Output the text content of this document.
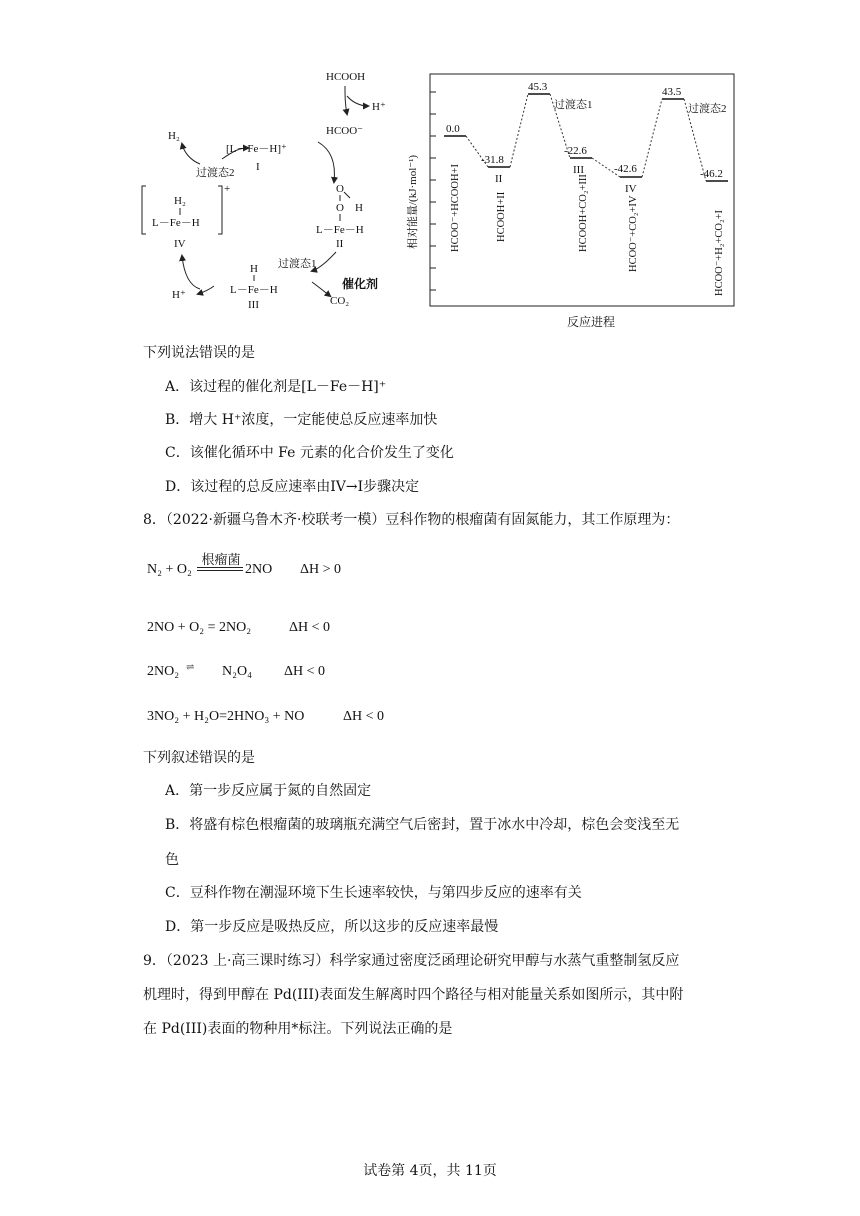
HCOOH
H⁺
HCOO⁻
H₂
过渡态2
[L－Fe－H]⁺
I
O
H
O
L－Fe－H
II
+
H₂
L－Fe－H
IV
过渡态1
H
L－Fe－H
III	CO₂
催化剂
H⁺
相对能量/(kJ·mol⁻¹)
反应进程
0.0
-31.8
45.3
-22.6
-42.6
43.5
-46.2
过渡态1	过渡态2
II
III
IV
HCOO⁻+HCOOH+I	HCOOH+II	HCOOH+CO₂+III	HCOO⁻+CO₂+IV	HCOO⁻+H₂+CO₂+I
下列说法错误的是
A．该过程的催化剂是[L－Fe－H]⁺
B．增大 H⁺浓度，一定能使总反应速率加快
C．该催化循环中 Fe 元素的化合价发生了变化
D．该过程的总反应速率由IV→I步骤决定
8．（2022·新疆乌鲁木齐·校联考一模）豆科作物的根瘤菌有固氮能力，其工作原理为：
N₂ + O₂
根瘤菌
2NO ΔH > 0
2NO + O₂ = 2NO₂	ΔH < 0
2NO₂ ⇌ N₂O₄ ΔH < 0
3NO₂ + H₂O=2HNO₃ + NO	ΔH < 0
下列叙述错误的是
A．第一步反应属于氮的自然固定
B．将盛有棕色根瘤菌的玻璃瓶充满空气后密封，置于冰水中冷却，棕色会变浅至无
色
C．豆科作物在潮湿环境下生长速率较快，与第四步反应的速率有关
D．第一步反应是吸热反应，所以这步的反应速率最慢
9．（2023 上·高三课时练习）科学家通过密度泛函理论研究甲醇与水蒸气重整制氢反应
机理时，得到甲醇在 Pd(III)表面发生解离时四个路径与相对能量关系如图所示，其中附
在 Pd(III)表面的物种用*标注。下列说法正确的是
试卷第 4页，共 11页
